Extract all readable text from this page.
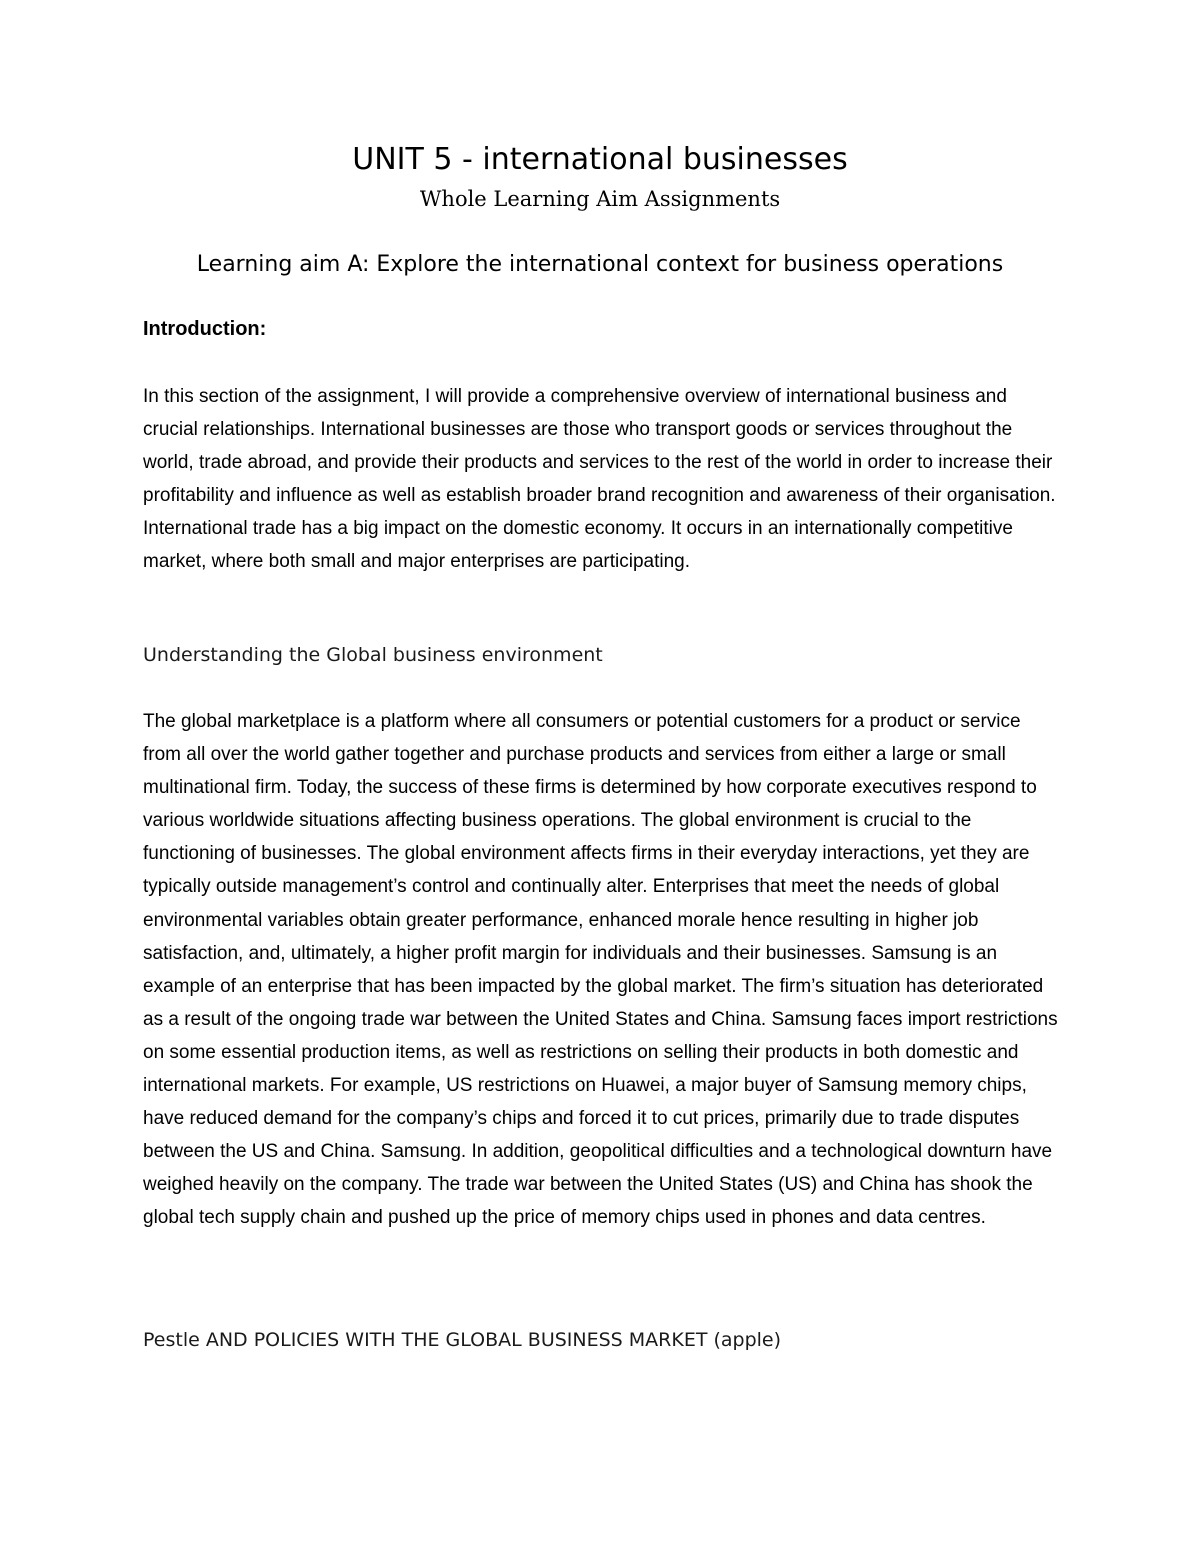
UNIT 5 - international businesses
Whole Learning Aim Assignments
Learning aim A: Explore the international context for business operations
Introduction:

In this section of the assignment, I will provide a comprehensive overview of international business and crucial relationships. International businesses are those who transport goods or services throughout the world, trade abroad, and provide their products and services to the rest of the world in order to increase their profitability and influence as well as establish broader brand recognition and awareness of their organisation. International trade has a big impact on the domestic economy. It occurs in an internationally competitive market, where both small and major enterprises are participating.

Understanding the Global business environment

The global marketplace is a platform where all consumers or potential customers for a product or service from all over the world gather together and purchase products and services from either a large or small multinational firm. Today, the success of these firms is determined by how corporate executives respond to various worldwide situations affecting business operations. The global environment is crucial to the functioning of businesses. The global environment affects firms in their everyday interactions, yet they are typically outside management’s control and continually alter. Enterprises that meet the needs of global environmental variables obtain greater performance, enhanced morale hence resulting in higher job satisfaction, and, ultimately, a higher profit margin for individuals and their businesses. Samsung is an example of an enterprise that has been impacted by the global market. The firm’s situation has deteriorated as a result of the ongoing trade war between the United States and China. Samsung faces import restrictions on some essential production items, as well as restrictions on selling their products in both domestic and international markets. For example, US restrictions on Huawei, a major buyer of Samsung memory chips, have reduced demand for the company’s chips and forced it to cut prices, primarily due to trade disputes between the US and China. Samsung. In addition, geopolitical difficulties and a technological downturn have weighed heavily on the company. The trade war between the United States (US) and China has shook the global tech supply chain and pushed up the price of memory chips used in phones and data centres.

Pestle AND POLICIES WITH THE GLOBAL BUSINESS MARKET (apple)
